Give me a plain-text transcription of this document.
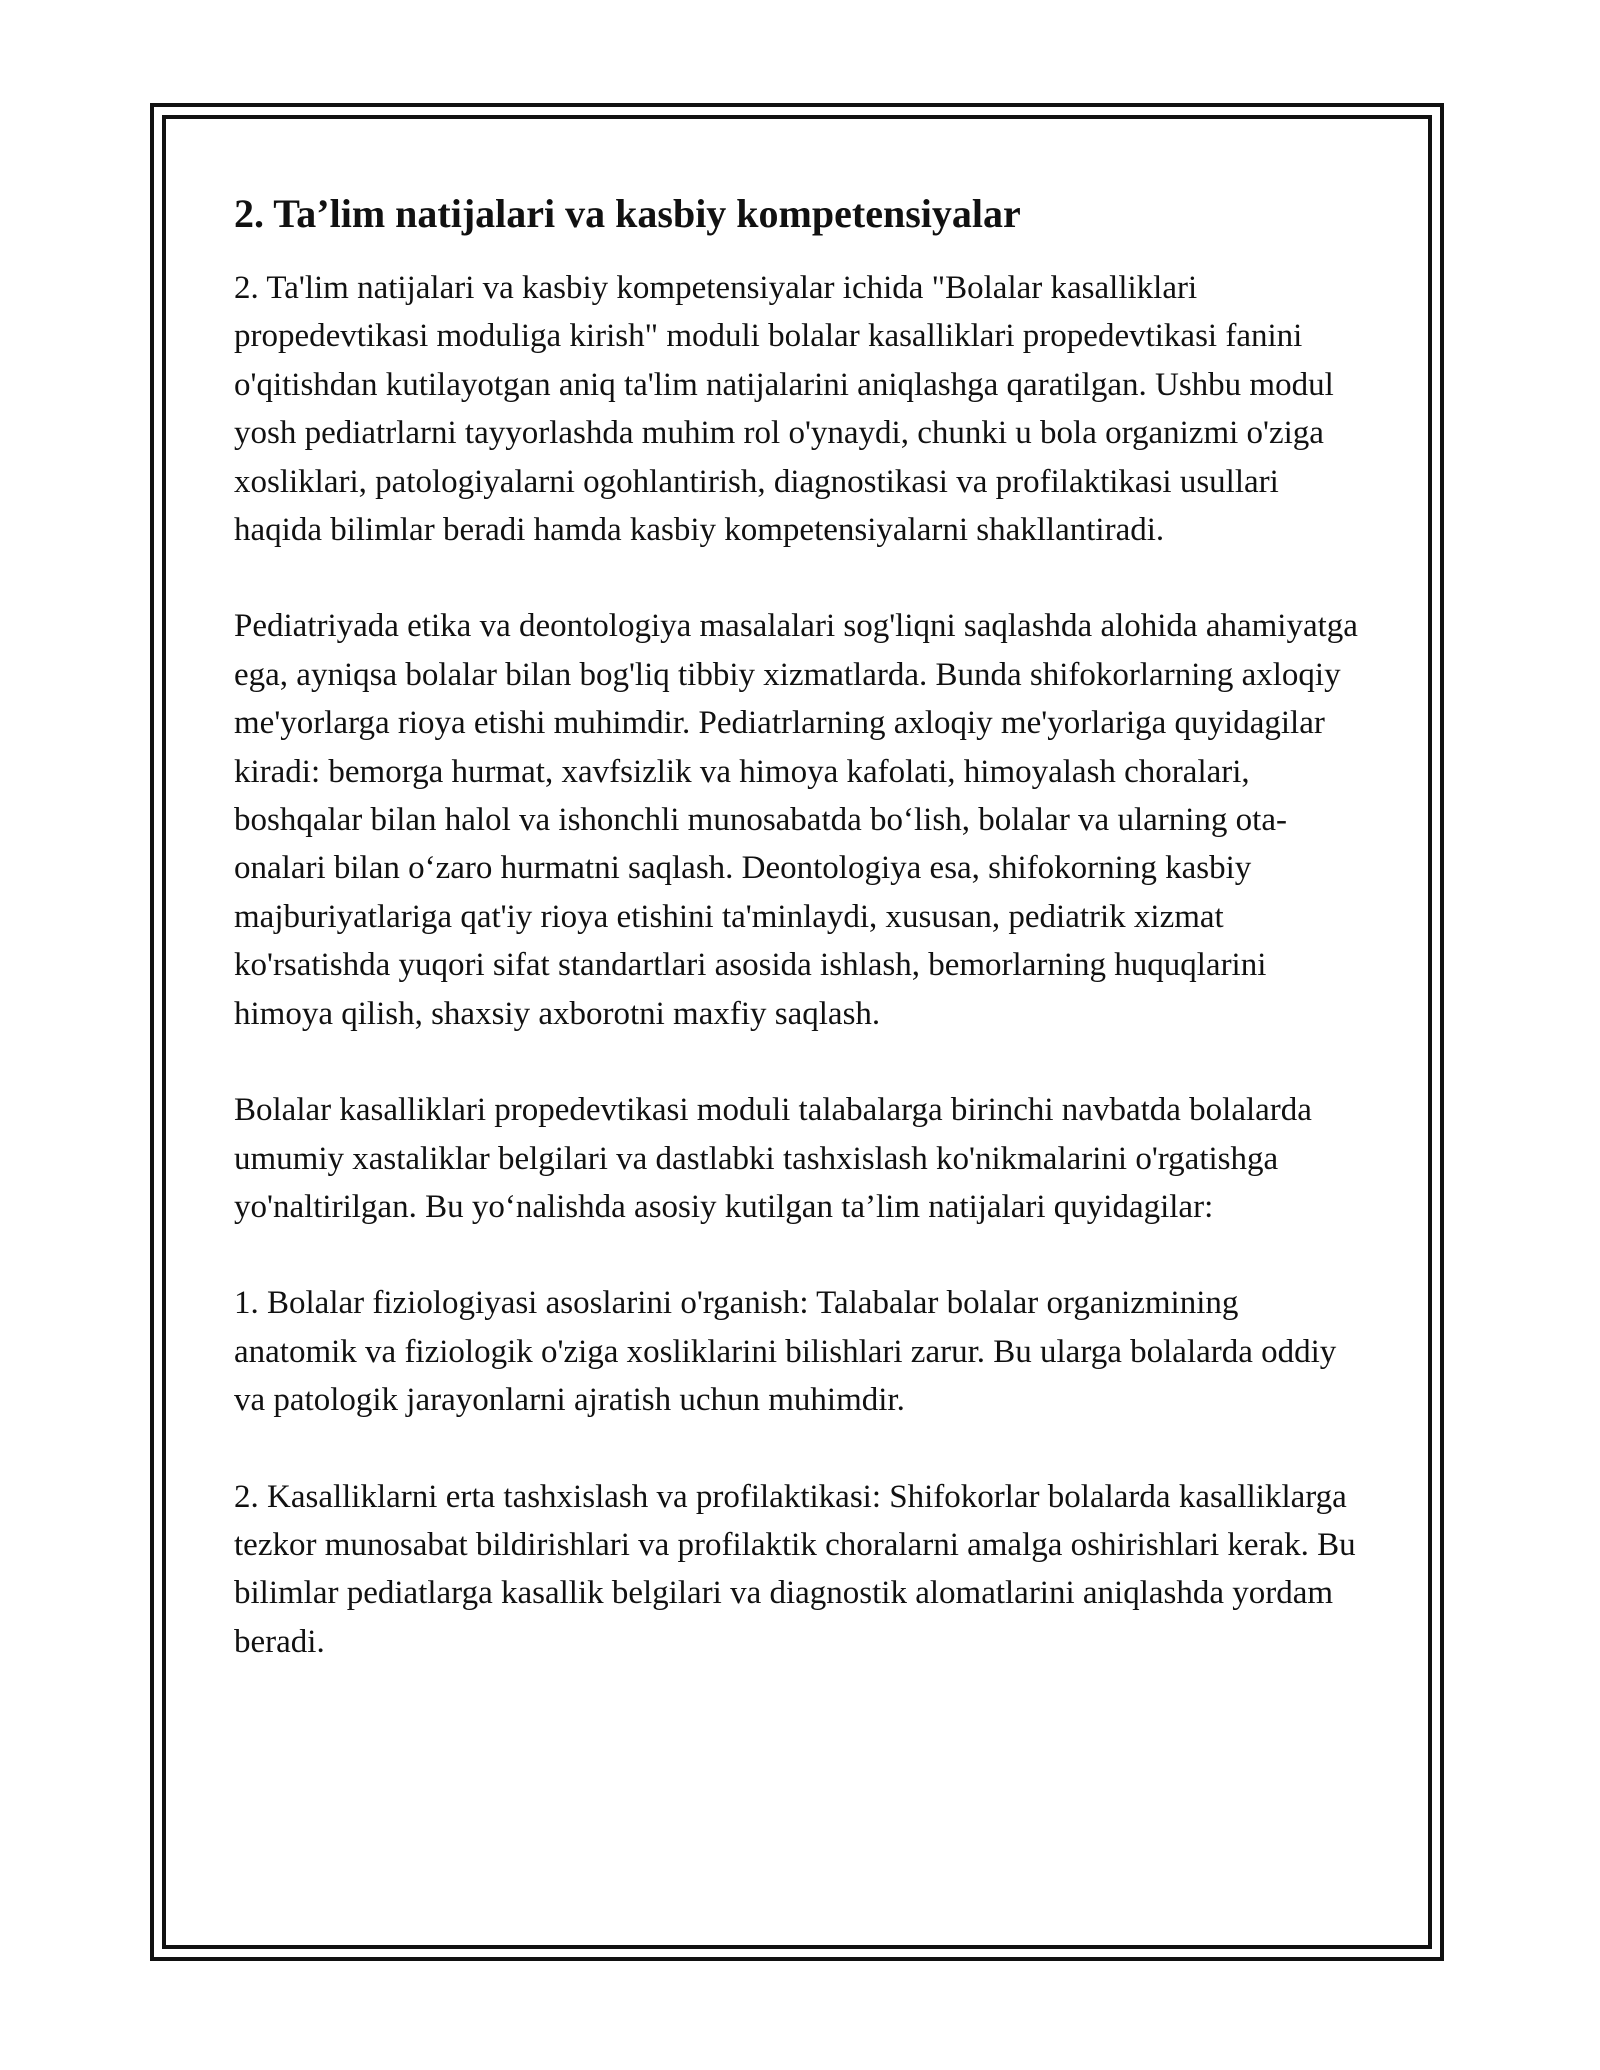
2. Ta’lim natijalari va kasbiy kompetensiyalar

2. Ta'lim natijalari va kasbiy kompetensiyalar ichida "Bolalar kasalliklari propedevtikasi moduliga kirish" moduli bolalar kasalliklari propedevtikasi fanini o'qitishdan kutilayotgan aniq ta'lim natijalarini aniqlashga qaratilgan. Ushbu modul yosh pediatrlarni tayyorlashda muhim rol o'ynaydi, chunki u bola organizmi o'ziga xosliklari, patologiyalarni ogohlantirish, diagnostikasi va profilaktikasi usullari haqida bilimlar beradi hamda kasbiy kompetensiyalarni shakllantiradi.

Pediatriyada etika va deontologiya masalalari sog'liqni saqlashda alohida ahamiyatga ega, ayniqsa bolalar bilan bog'liq tibbiy xizmatlarda. Bunda shifokorlarning axloqiy me'yorlarga rioya etishi muhimdir. Pediatrlarning axloqiy me'yorlariga quyidagilar kiradi: bemorga hurmat, xavfsizlik va himoya kafolati, himoyalash choralari, boshqalar bilan halol va ishonchli munosabatda bo‘lish, bolalar va ularning ota-onalari bilan o‘zaro hurmatni saqlash. Deontologiya esa, shifokorning kasbiy majburiyatlariga qat'iy rioya etishini ta'minlaydi, xususan, pediatrik xizmat ko'rsatishda yuqori sifat standartlari asosida ishlash, bemorlarning huquqlarini himoya qilish, shaxsiy axborotni maxfiy saqlash.

Bolalar kasalliklari propedevtikasi moduli talabalarga birinchi navbatda bolalarda umumiy xastaliklar belgilari va dastlabki tashxislash ko'nikmalarini o'rgatishga yo'naltirilgan. Bu yo‘nalishda asosiy kutilgan ta’lim natijalari quyidagilar:

1. Bolalar fiziologiyasi asoslarini o'rganish: Talabalar bolalar organizmining anatomik va fiziologik o'ziga xosliklarini bilishlari zarur. Bu ularga bolalarda oddiy va patologik jarayonlarni ajratish uchun muhimdir.

2. Kasalliklarni erta tashxislash va profilaktikasi: Shifokorlar bolalarda kasalliklarga tezkor munosabat bildirishlari va profilaktik choralarni amalga oshirishlari kerak. Bu bilimlar pediatlarga kasallik belgilari va diagnostik alomatlarini aniqlashda yordam beradi.
